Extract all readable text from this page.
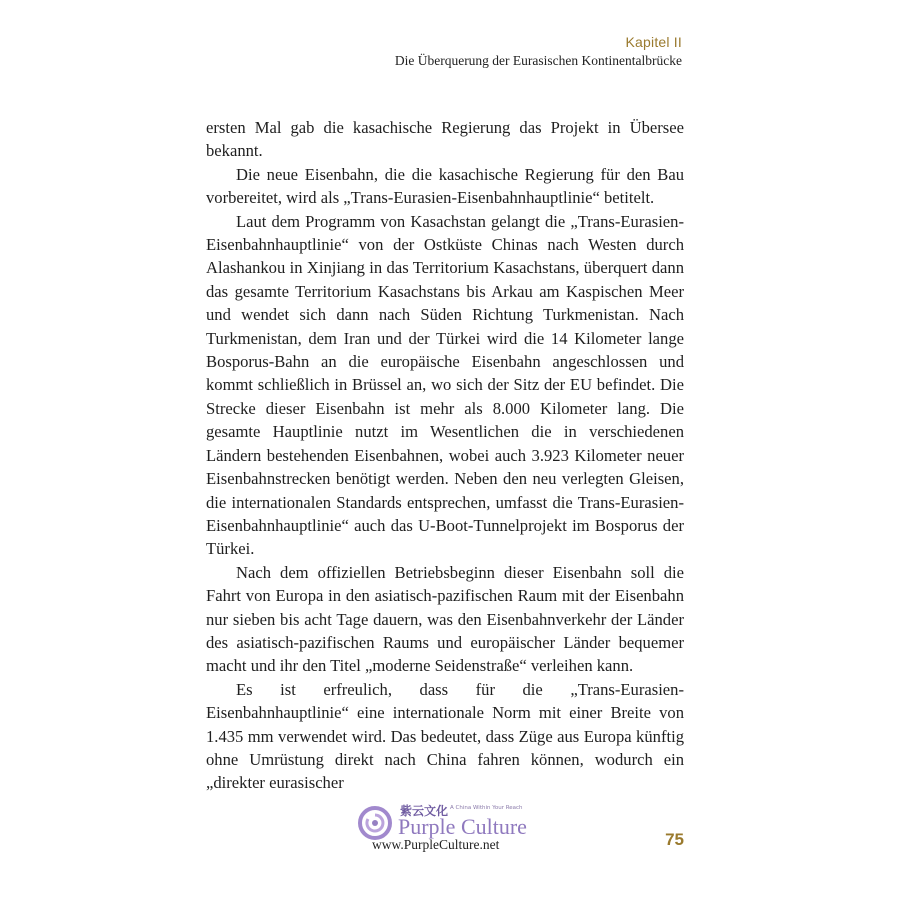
Kapitel II
Die Überquerung der Eurasischen Kontinentalbrücke

ersten Mal gab die kasachische Regierung das Projekt in Übersee bekannt.

Die neue Eisenbahn, die die kasachische Regierung für den Bau vorbereitet, wird als „Trans-Eurasien-Eisenbahnhauptlinie“ betitelt.

Laut dem Programm von Kasachstan gelangt die „Trans-Eurasien-Eisenbahnhauptlinie“ von der Ostküste Chinas nach Westen durch Alashankou in Xinjiang in das Territorium Kasachstans, überquert dann das gesamte Territorium Kasachstans bis Arkau am Kaspischen Meer und wendet sich dann nach Süden Richtung Turkmenistan. Nach Turkmenistan, dem Iran und der Türkei wird die 14 Kilometer lange Bosporus-Bahn an die europäische Eisenbahn angeschlossen und kommt schließlich in Brüssel an, wo sich der Sitz der EU befindet. Die Strecke dieser Eisenbahn ist mehr als 8.000 Kilometer lang. Die gesamte Hauptlinie nutzt im Wesentlichen die in verschiedenen Ländern bestehenden Eisenbahnen, wobei auch 3.923 Kilometer neuer Eisenbahnstrecken benötigt werden. Neben den neu verlegten Gleisen, die internationalen Standards entsprechen, umfasst die Trans-Eurasien-Eisenbahnhauptlinie“ auch das U-Boot-Tunnelprojekt im Bosporus der Türkei.

Nach dem offiziellen Betriebsbeginn dieser Eisenbahn soll die Fahrt von Europa in den asiatisch-pazifischen Raum mit der Eisenbahn nur sieben bis acht Tage dauern, was den Eisenbahnverkehr der Länder des asiatisch-pazifischen Raums und europäischer Länder bequemer macht und ihr den Titel „moderne Seidenstraße“ verleihen kann.

Es ist erfreulich, dass für die „Trans-Eurasien-Eisenbahnhauptlinie“ eine internationale Norm mit einer Breite von 1.435 mm verwendet wird. Das bedeutet, dass Züge aus Europa künftig ohne Umrüstung direkt nach China fahren können, wodurch ein „direkter eurasischer

75
紫云文化 A China Within Your Reach
Purple Culture
www.PurpleCulture.net
